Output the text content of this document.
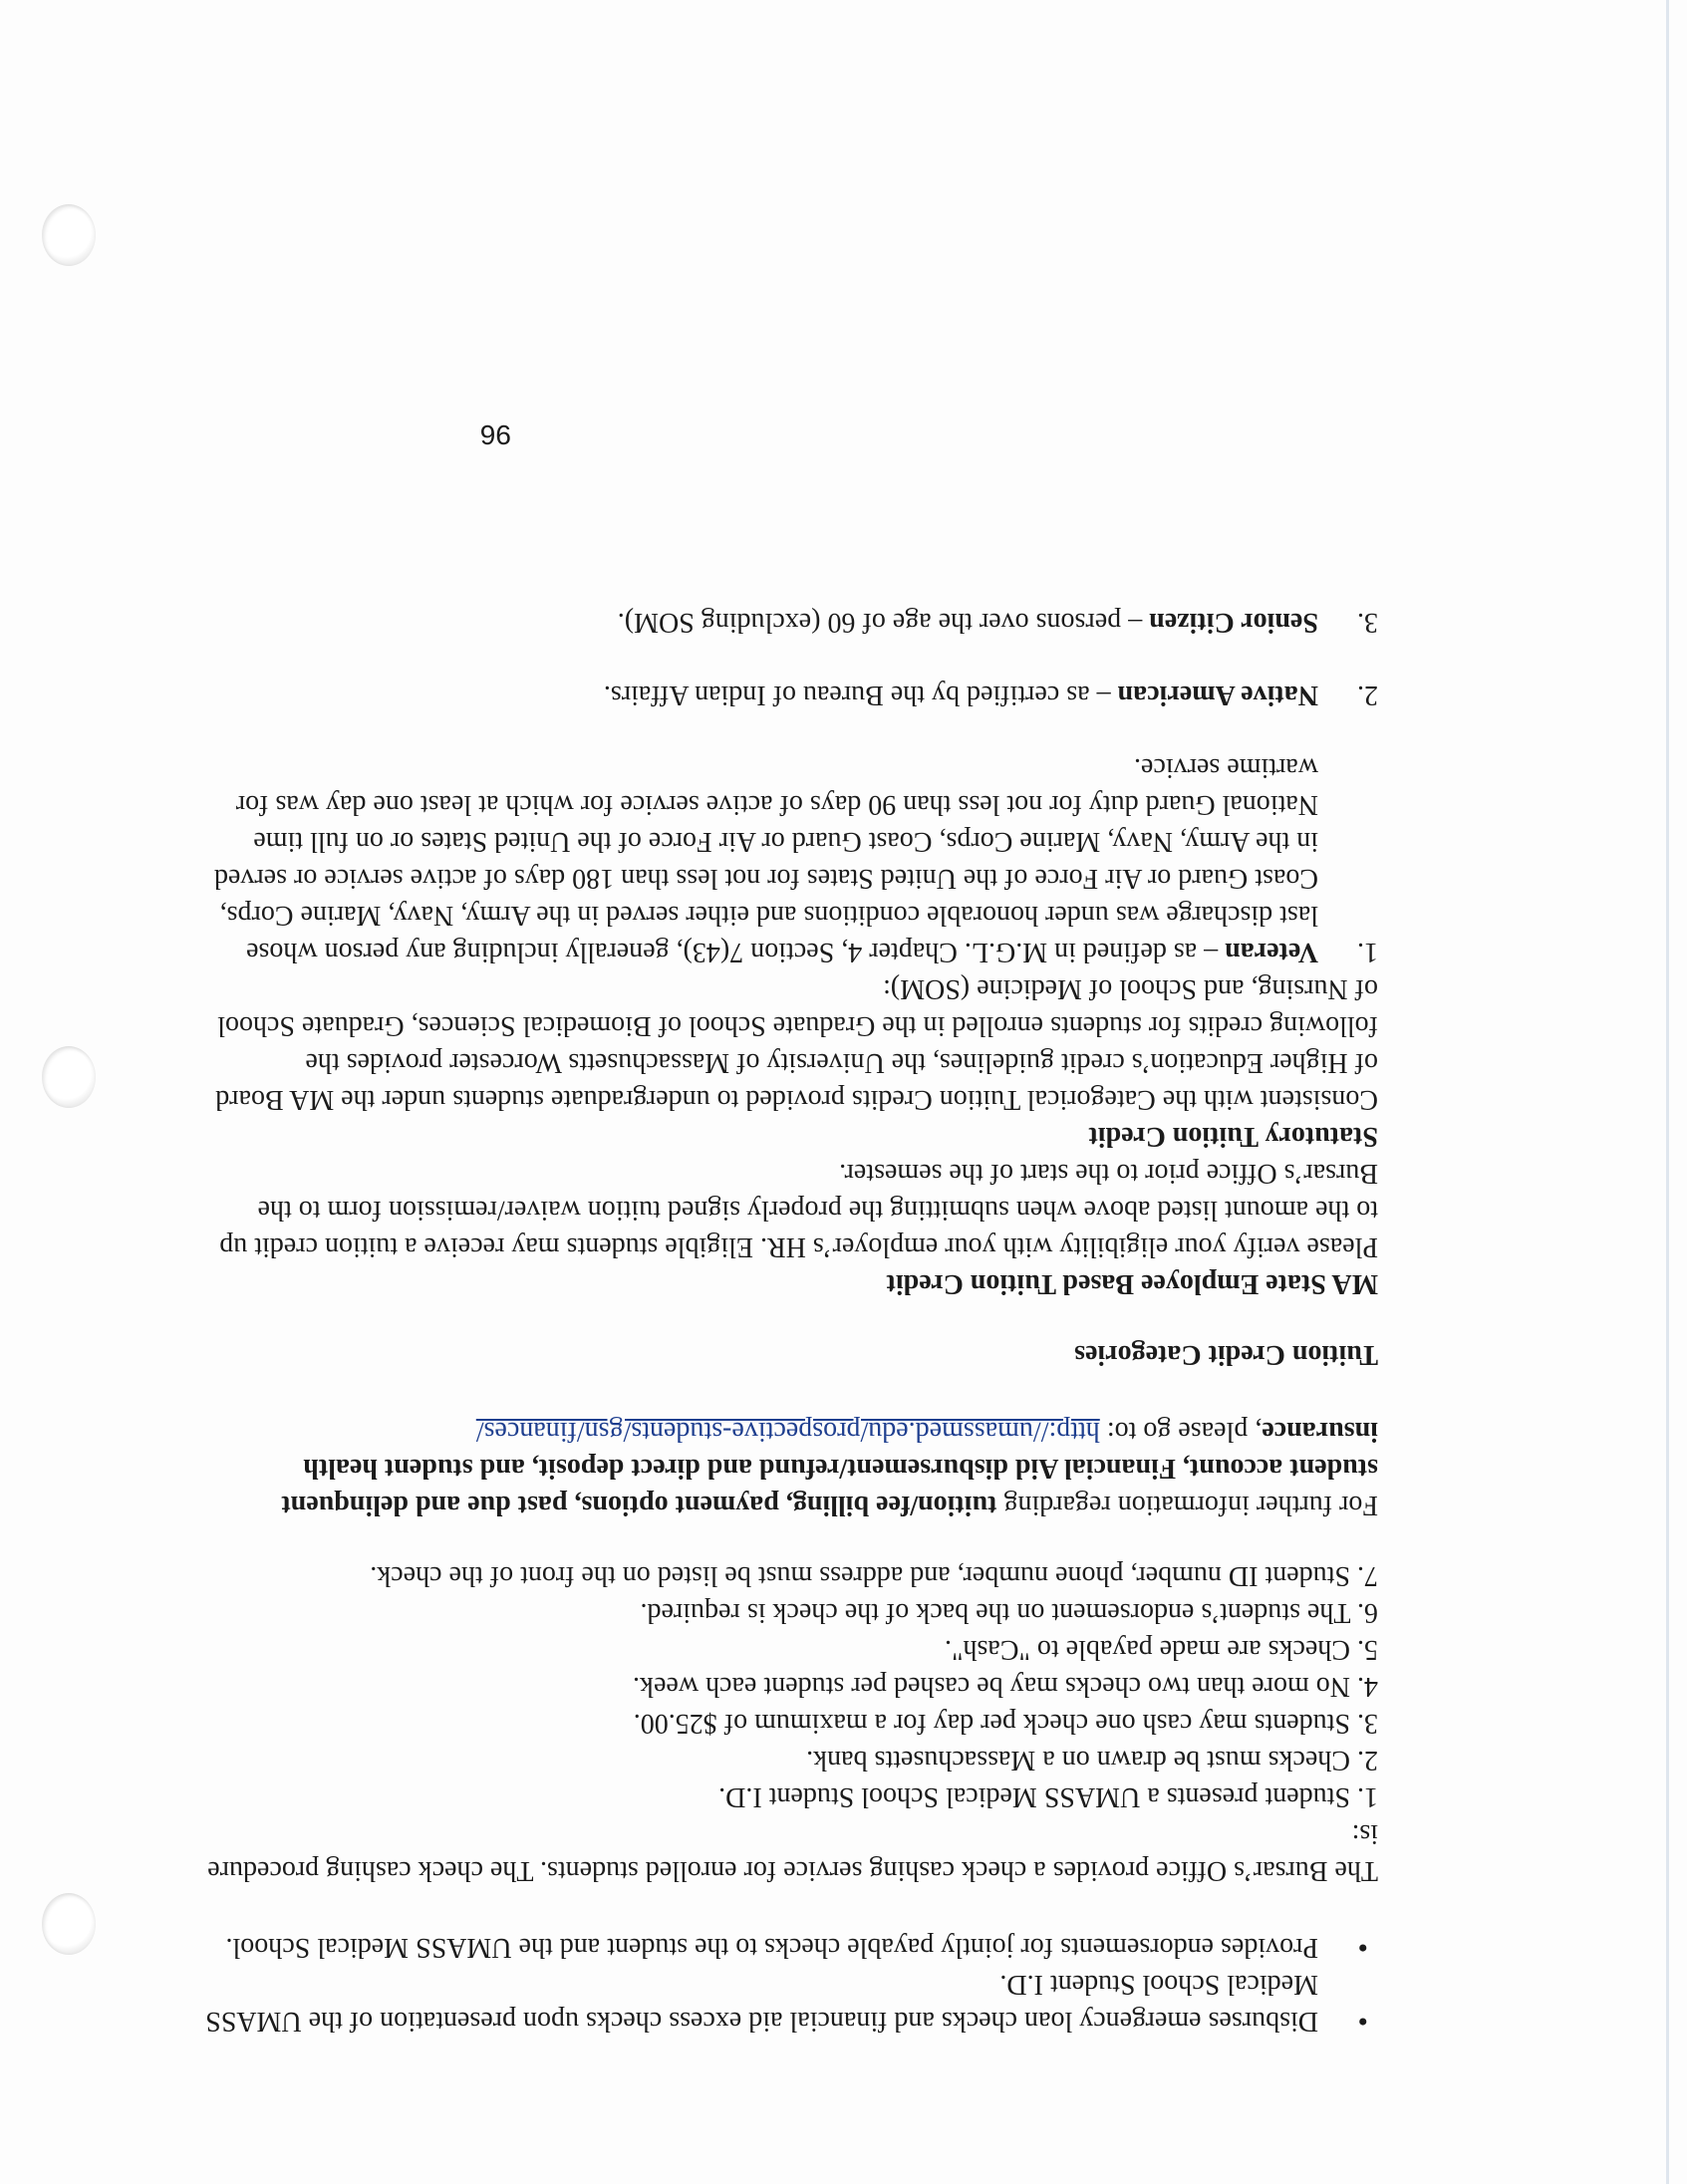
• Disburses emergency loan checks and financial aid excess checks upon presentation of the UMASS Medical School Student I.D.
• Provides endorsements for jointly payable checks to the student and the UMASS Medical School.

The Bursar’s Office provides a check cashing service for enrolled students. The check cashing procedure is:

1. Student presents a UMASS Medical School Student I.D.
2. Checks must be drawn on a Massachusetts bank.
3. Students may cash one check per day for a maximum of $25.00.
4. No more than two checks may be cashed per student each week.
5. Checks are made payable to "Cash".
6. The student’s endorsement on the back of the check is required.
7. Student ID number, phone number, and address must be listed on the front of the check.

For further information regarding tuition/fee billing, payment options, past due and delinquent student account, Financial Aid disbursement/refund and direct deposit, and student health insurance, please go to: http://umassmed.edu/prospective-students/gsn/finances/

Tuition Credit Categories

MA State Employee Based Tuition Credit

Please verify your eligibility with your employer’s HR. Eligible students may receive a tuition credit up to the amount listed above when submitting the properly signed tuition waiver/remission form to the Bursar’s Office prior to the start of the semester.

Statutory Tuition Credit

Consistent with the Categorical Tuition Credits provided to undergraduate students under the MA Board of Higher Education’s credit guidelines, the University of Massachusetts Worcester provides the following credits for students enrolled in the Graduate School of Biomedical Sciences, Graduate School of Nursing, and School of Medicine (SOM):

1.
Veteran – as defined in M.G.L. Chapter 4, Section 7(43), generally including any person whose last discharge was under honorable conditions and either served in the Army, Navy, Marine Corps, Coast Guard or Air Force of the United States for not less than 180 days of active service or served in the Army, Navy, Marine Corps, Coast Guard or Air Force of the United States or on full time National Guard duty for not less than 90 days of active service for which at least one day was for wartime service.
2.
Native American – as certified by the Bureau of Indian Affairs.
3.
Senior Citizen – persons over the age of 60 (excluding SOM).
96
